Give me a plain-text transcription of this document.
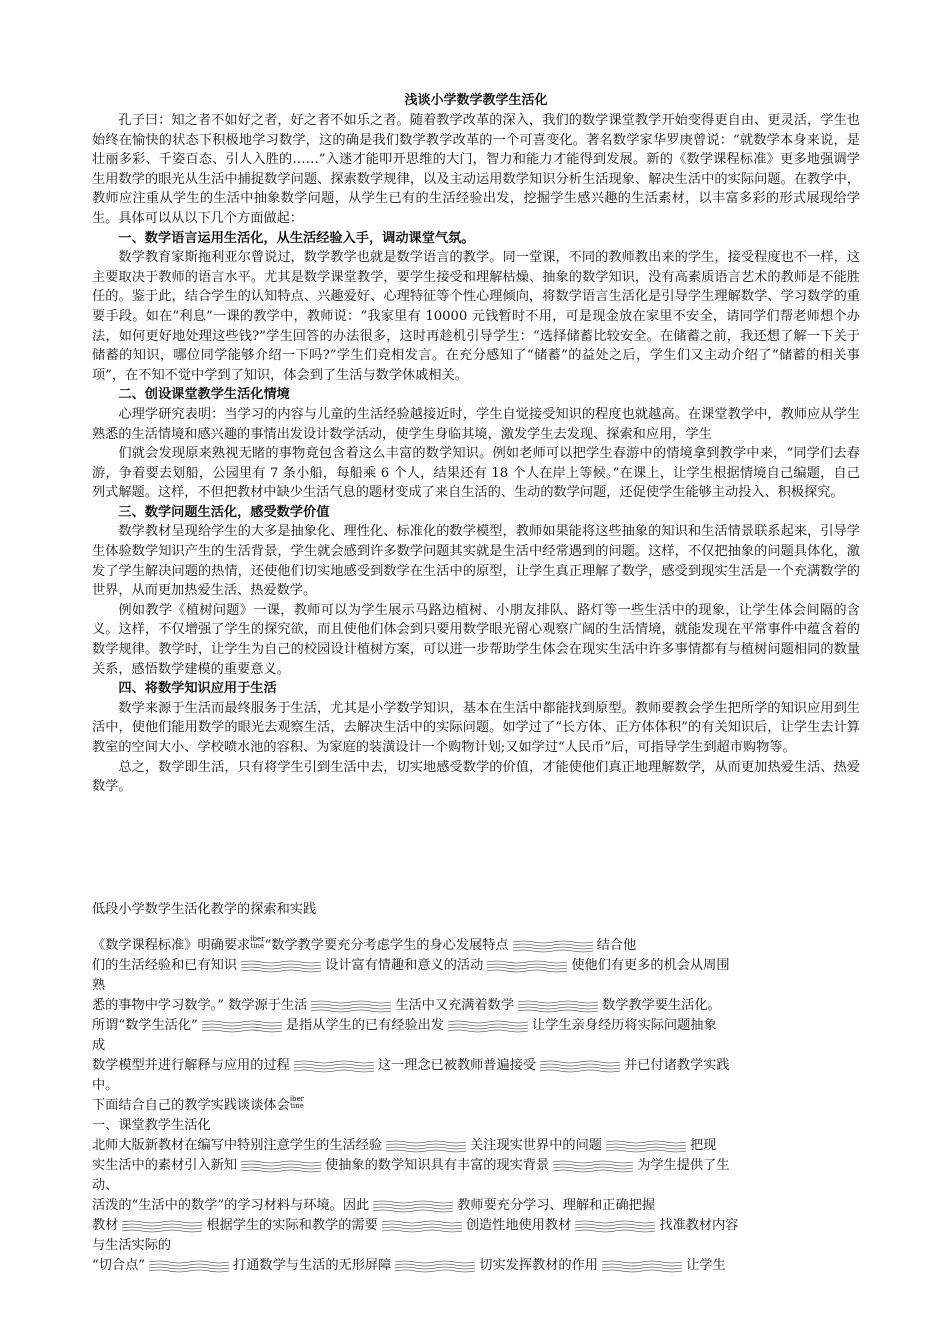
浅谈小学数学教学生活化

孔子曰：知之者不如好之者，好之者不如乐之者。随着教学改革的深入，我们的数学课堂教学开始变得更自由、更灵活，学生也始终在愉快的状态下积极地学习数学，这的确是我们数学教学改革的一个可喜变化。著名数学家华罗庚曾说：“就数学本身来说，是壮丽多彩、千姿百态、引人入胜的……”入迷才能叩开思维的大门，智力和能力才能得到发展。新的《数学课程标准》更多地强调学生用数学的眼光从生活中捕捉数学问题、探索数学规律，以及主动运用数学知识分析生活现象、解决生活中的实际问题。在教学中，教师应注重从学生的生活中抽象数学问题，从学生已有的生活经验出发，挖掘学生感兴趣的生活素材，以丰富多彩的形式展现给学生。具体可以从以下几个方面做起：

一、数学语言运用生活化，从生活经验入手，调动课堂气氛。

数学教育家斯拖利亚尔曾说过，数学教学也就是数学语言的教学。同一堂课，不同的教师教出来的学生，接受程度也不一样，这主要取决于教师的语言水平。尤其是数学课堂教学，要学生接受和理解枯燥、抽象的数学知识，没有高素质语言艺术的教师是不能胜任的。鉴于此，结合学生的认知特点、兴趣爱好、心理特征等个性心理倾向，将数学语言生活化是引导学生理解数学、学习数学的重要手段。如在“利息”一课的教学中，教师说：“我家里有 10000 元钱暂时不用，可是现金放在家里不安全，请同学们帮老师想个办法，如何更好地处理这些钱?”学生回答的办法很多，这时再趁机引导学生：“选择储蓄比较安全。在储蓄之前，我还想了解一下关于储蓄的知识，哪位同学能够介绍一下吗?”学生们竞相发言。在充分感知了“储蓄”的益处之后，学生们又主动介绍了“储蓄的相关事项”，在不知不觉中学到了知识，体会到了生活与数学休戚相关。

二、创设课堂教学生活化情境

心理学研究表明：当学习的内容与儿童的生活经验越接近时，学生自觉接受知识的程度也就越高。在课堂教学中，教师应从学生熟悉的生活情境和感兴趣的事情出发设计数学活动，使学生身临其境，激发学生去发现、探索和应用，学生

们就会发现原来熟视无睹的事物竟包含着这么丰富的数学知识。例如老师可以把学生春游中的情境拿到教学中来，“同学们去春游，争着要去划船，公园里有 7 条小船，每船乘 6 个人，结果还有 18 个人在岸上等候。”在课上，让学生根据情境自己编题，自己列式解题。这样，不但把教材中缺少生活气息的题材变成了来自生活的、生动的数学问题，还促使学生能够主动投入、积极探究。

三、数学问题生活化，感受数学价值

数学教材呈现给学生的大多是抽象化、理性化、标准化的数学模型，教师如果能将这些抽象的知识和生活情景联系起来，引导学生体验数学知识产生的生活背景，学生就会感到许多数学问题其实就是生活中经常遇到的问题。这样，不仅把抽象的问题具体化，激发了学生解决问题的热情，还使他们切实地感受到数学在生活中的原型，让学生真正理解了数学，感受到现实生活是一个充满数学的世界，从而更加热爱生活、热爱数学。

例如教学《植树问题》一课，教师可以为学生展示马路边植树、小朋友排队、路灯等一些生活中的现象，让学生体会间隔的含义。这样，不仅增强了学生的探究欲，而且使他们体会到只要用数学眼光留心观察广阔的生活情境，就能发现在平常事件中蕴含着的数学规律。教学时，让学生为自己的校园设计植树方案，可以进一步帮助学生体会在现实生活中许多事情都有与植树问题相同的数量关系，感悟数学建模的重要意义。

四、将数学知识应用于生活

数学来源于生活而最终服务于生活，尤其是小学数学知识，基本在生活中都能找到原型。教师要教会学生把所学的知识应用到生活中，使他们能用数学的眼光去观察生活，去解决生活中的实际问题。如学过了“长方体、正方体体积”的有关知识后，让学生去计算教室的空间大小、学校喷水池的容积、为家庭的装潢设计一个购物计划;又如学过“人民币”后，可指导学生到超市购物等。

总之，数学即生活，只有将学生引到生活中去，切实地感受数学的价值，才能使他们真正地理解数学，从而更加热爱生活、热爱数学。

低段小学数学生活化教学的探索和实践
《数学课程标准》明确要求iber
tine“数学教学要充分考虑学生的身心发展特点	结合他
们的生活经验和已有知识	设计富有情趣和意义的活动	使他们有更多的机会从周围
熟
悉的事物中学习数学。” 数学源于生活	生活中又充满着数学	数学教学要生活化。
所谓“数学生活化”	是指从学生的已有经验出发	让学生亲身经历将实际问题抽象
成
数学模型并进行解释与应用的过程	这一理念已被教师普遍接受	并已付诸教学实践
中。
下面结合自己的教学实践谈谈体会iber
tine
一、课堂教学生活化
北师大版新教材在编写中特别注意学生的生活经验	关注现实世界中的问题	把现
实生活中的素材引入新知	使抽象的数学知识具有丰富的现实背景	为学生提供了生
动、
活泼的“生活中的数学”的学习材料与环境。因此	教师要充分学习、理解和正确把握
教材	根据学生的实际和教学的需要	创造性地使用教材	找准教材内容
与生活实际的
“切合点”	打通数学与生活的无形屏障	切实发挥教材的作用	让学生
